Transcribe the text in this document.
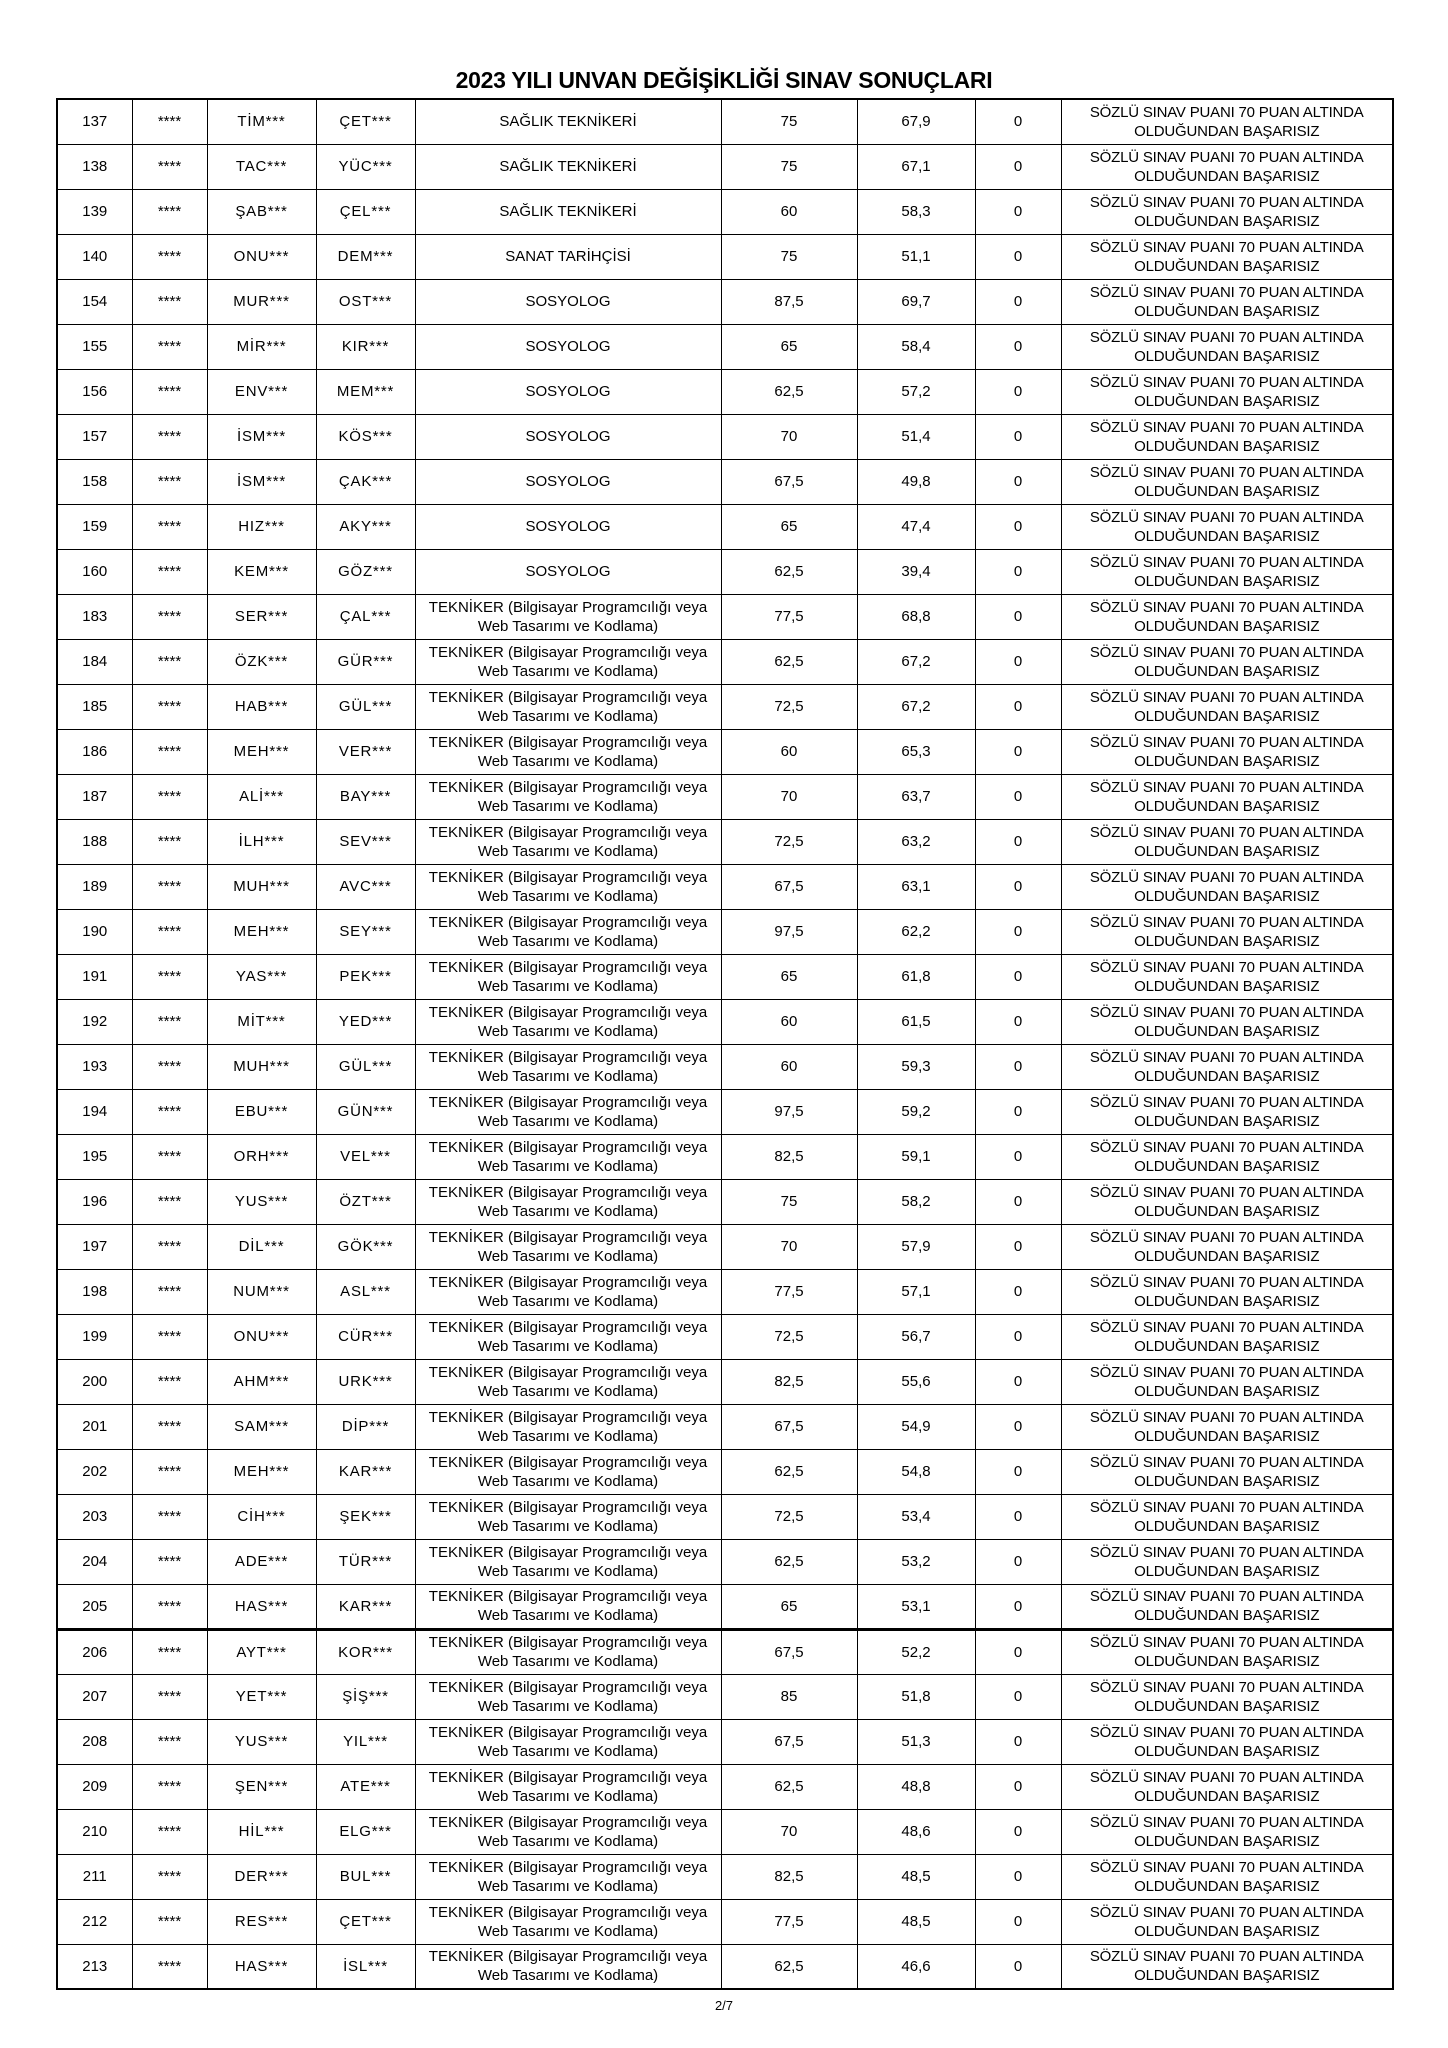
2023 YILI UNVAN DEĞİŞİKLİĞİ SINAV SONUÇLARI
137	****	TİM***	ÇET***	SAĞLIK TEKNİKERİ	75	67,9	0	SÖZLÜ SINAV PUANI 70 PUAN ALTINDA
OLDUĞUNDAN BAŞARISIZ

138	****	TAC***	YÜC***	SAĞLIK TEKNİKERİ	75	67,1	0	SÖZLÜ SINAV PUANI 70 PUAN ALTINDA
OLDUĞUNDAN BAŞARISIZ

139	****	ŞAB***	ÇEL***	SAĞLIK TEKNİKERİ	60	58,3	0	SÖZLÜ SINAV PUANI 70 PUAN ALTINDA
OLDUĞUNDAN BAŞARISIZ

140	****	ONU***	DEM***	SANAT TARİHÇİSİ	75	51,1	0	SÖZLÜ SINAV PUANI 70 PUAN ALTINDA
OLDUĞUNDAN BAŞARISIZ

154	****	MUR***	OST***	SOSYOLOG	87,5	69,7	0	SÖZLÜ SINAV PUANI 70 PUAN ALTINDA
OLDUĞUNDAN BAŞARISIZ

155	****	MİR***	KIR***	SOSYOLOG	65	58,4	0	SÖZLÜ SINAV PUANI 70 PUAN ALTINDA
OLDUĞUNDAN BAŞARISIZ

156	****	ENV***	MEM***	SOSYOLOG	62,5	57,2	0	SÖZLÜ SINAV PUANI 70 PUAN ALTINDA
OLDUĞUNDAN BAŞARISIZ

157	****	İSM***	KÖS***	SOSYOLOG	70	51,4	0	SÖZLÜ SINAV PUANI 70 PUAN ALTINDA
OLDUĞUNDAN BAŞARISIZ

158	****	İSM***	ÇAK***	SOSYOLOG	67,5	49,8	0	SÖZLÜ SINAV PUANI 70 PUAN ALTINDA
OLDUĞUNDAN BAŞARISIZ

159	****	HIZ***	AKY***	SOSYOLOG	65	47,4	0	SÖZLÜ SINAV PUANI 70 PUAN ALTINDA
OLDUĞUNDAN BAŞARISIZ

160	****	KEM***	GÖZ***	SOSYOLOG	62,5	39,4	0	SÖZLÜ SINAV PUANI 70 PUAN ALTINDA
OLDUĞUNDAN BAŞARISIZ

183	****	SER***	ÇAL***	TEKNİKER (Bilgisayar Programcılığı veya
Web Tasarımı ve Kodlama)	77,5	68,8	0	SÖZLÜ SINAV PUANI 70 PUAN ALTINDA
OLDUĞUNDAN BAŞARISIZ

184	****	ÖZK***	GÜR***	TEKNİKER (Bilgisayar Programcılığı veya
Web Tasarımı ve Kodlama)	62,5	67,2	0	SÖZLÜ SINAV PUANI 70 PUAN ALTINDA
OLDUĞUNDAN BAŞARISIZ

185	****	HAB***	GÜL***	TEKNİKER (Bilgisayar Programcılığı veya
Web Tasarımı ve Kodlama)	72,5	67,2	0	SÖZLÜ SINAV PUANI 70 PUAN ALTINDA
OLDUĞUNDAN BAŞARISIZ

186	****	MEH***	VER***	TEKNİKER (Bilgisayar Programcılığı veya
Web Tasarımı ve Kodlama)	60	65,3	0	SÖZLÜ SINAV PUANI 70 PUAN ALTINDA
OLDUĞUNDAN BAŞARISIZ

187	****	ALİ***	BAY***	TEKNİKER (Bilgisayar Programcılığı veya
Web Tasarımı ve Kodlama)	70	63,7	0	SÖZLÜ SINAV PUANI 70 PUAN ALTINDA
OLDUĞUNDAN BAŞARISIZ

188	****	İLH***	SEV***	TEKNİKER (Bilgisayar Programcılığı veya
Web Tasarımı ve Kodlama)	72,5	63,2	0	SÖZLÜ SINAV PUANI 70 PUAN ALTINDA
OLDUĞUNDAN BAŞARISIZ

189	****	MUH***	AVC***	TEKNİKER (Bilgisayar Programcılığı veya
Web Tasarımı ve Kodlama)	67,5	63,1	0	SÖZLÜ SINAV PUANI 70 PUAN ALTINDA
OLDUĞUNDAN BAŞARISIZ

190	****	MEH***	SEY***	TEKNİKER (Bilgisayar Programcılığı veya
Web Tasarımı ve Kodlama)	97,5	62,2	0	SÖZLÜ SINAV PUANI 70 PUAN ALTINDA
OLDUĞUNDAN BAŞARISIZ

191	****	YAS***	PEK***	TEKNİKER (Bilgisayar Programcılığı veya
Web Tasarımı ve Kodlama)	65	61,8	0	SÖZLÜ SINAV PUANI 70 PUAN ALTINDA
OLDUĞUNDAN BAŞARISIZ

192	****	MİT***	YED***	TEKNİKER (Bilgisayar Programcılığı veya
Web Tasarımı ve Kodlama)	60	61,5	0	SÖZLÜ SINAV PUANI 70 PUAN ALTINDA
OLDUĞUNDAN BAŞARISIZ

193	****	MUH***	GÜL***	TEKNİKER (Bilgisayar Programcılığı veya
Web Tasarımı ve Kodlama)	60	59,3	0	SÖZLÜ SINAV PUANI 70 PUAN ALTINDA
OLDUĞUNDAN BAŞARISIZ

194	****	EBU***	GÜN***	TEKNİKER (Bilgisayar Programcılığı veya
Web Tasarımı ve Kodlama)	97,5	59,2	0	SÖZLÜ SINAV PUANI 70 PUAN ALTINDA
OLDUĞUNDAN BAŞARISIZ

195	****	ORH***	VEL***	TEKNİKER (Bilgisayar Programcılığı veya
Web Tasarımı ve Kodlama)	82,5	59,1	0	SÖZLÜ SINAV PUANI 70 PUAN ALTINDA
OLDUĞUNDAN BAŞARISIZ

196	****	YUS***	ÖZT***	TEKNİKER (Bilgisayar Programcılığı veya
Web Tasarımı ve Kodlama)	75	58,2	0	SÖZLÜ SINAV PUANI 70 PUAN ALTINDA
OLDUĞUNDAN BAŞARISIZ

197	****	DİL***	GÖK***	TEKNİKER (Bilgisayar Programcılığı veya
Web Tasarımı ve Kodlama)	70	57,9	0	SÖZLÜ SINAV PUANI 70 PUAN ALTINDA
OLDUĞUNDAN BAŞARISIZ

198	****	NUM***	ASL***	TEKNİKER (Bilgisayar Programcılığı veya
Web Tasarımı ve Kodlama)	77,5	57,1	0	SÖZLÜ SINAV PUANI 70 PUAN ALTINDA
OLDUĞUNDAN BAŞARISIZ

199	****	ONU***	CÜR***	TEKNİKER (Bilgisayar Programcılığı veya
Web Tasarımı ve Kodlama)	72,5	56,7	0	SÖZLÜ SINAV PUANI 70 PUAN ALTINDA
OLDUĞUNDAN BAŞARISIZ

200	****	AHM***	URK***	TEKNİKER (Bilgisayar Programcılığı veya
Web Tasarımı ve Kodlama)	82,5	55,6	0	SÖZLÜ SINAV PUANI 70 PUAN ALTINDA
OLDUĞUNDAN BAŞARISIZ

201	****	SAM***	DİP***	TEKNİKER (Bilgisayar Programcılığı veya
Web Tasarımı ve Kodlama)	67,5	54,9	0	SÖZLÜ SINAV PUANI 70 PUAN ALTINDA
OLDUĞUNDAN BAŞARISIZ

202	****	MEH***	KAR***	TEKNİKER (Bilgisayar Programcılığı veya
Web Tasarımı ve Kodlama)	62,5	54,8	0	SÖZLÜ SINAV PUANI 70 PUAN ALTINDA
OLDUĞUNDAN BAŞARISIZ

203	****	CİH***	ŞEK***	TEKNİKER (Bilgisayar Programcılığı veya
Web Tasarımı ve Kodlama)	72,5	53,4	0	SÖZLÜ SINAV PUANI 70 PUAN ALTINDA
OLDUĞUNDAN BAŞARISIZ

204	****	ADE***	TÜR***	TEKNİKER (Bilgisayar Programcılığı veya
Web Tasarımı ve Kodlama)	62,5	53,2	0	SÖZLÜ SINAV PUANI 70 PUAN ALTINDA
OLDUĞUNDAN BAŞARISIZ

205	****	HAS***	KAR***	TEKNİKER (Bilgisayar Programcılığı veya
Web Tasarımı ve Kodlama)	65	53,1	0	SÖZLÜ SINAV PUANI 70 PUAN ALTINDA
OLDUĞUNDAN BAŞARISIZ

206	****	AYT***	KOR***	TEKNİKER (Bilgisayar Programcılığı veya
Web Tasarımı ve Kodlama)	67,5	52,2	0	SÖZLÜ SINAV PUANI 70 PUAN ALTINDA
OLDUĞUNDAN BAŞARISIZ

207	****	YET***	ŞİŞ***	TEKNİKER (Bilgisayar Programcılığı veya
Web Tasarımı ve Kodlama)	85	51,8	0	SÖZLÜ SINAV PUANI 70 PUAN ALTINDA
OLDUĞUNDAN BAŞARISIZ

208	****	YUS***	YIL***	TEKNİKER (Bilgisayar Programcılığı veya
Web Tasarımı ve Kodlama)	67,5	51,3	0	SÖZLÜ SINAV PUANI 70 PUAN ALTINDA
OLDUĞUNDAN BAŞARISIZ

209	****	ŞEN***	ATE***	TEKNİKER (Bilgisayar Programcılığı veya
Web Tasarımı ve Kodlama)	62,5	48,8	0	SÖZLÜ SINAV PUANI 70 PUAN ALTINDA
OLDUĞUNDAN BAŞARISIZ

210	****	HİL***	ELG***	TEKNİKER (Bilgisayar Programcılığı veya
Web Tasarımı ve Kodlama)	70	48,6	0	SÖZLÜ SINAV PUANI 70 PUAN ALTINDA
OLDUĞUNDAN BAŞARISIZ

211	****	DER***	BUL***	TEKNİKER (Bilgisayar Programcılığı veya
Web Tasarımı ve Kodlama)	82,5	48,5	0	SÖZLÜ SINAV PUANI 70 PUAN ALTINDA
OLDUĞUNDAN BAŞARISIZ

212	****	RES***	ÇET***	TEKNİKER (Bilgisayar Programcılığı veya
Web Tasarımı ve Kodlama)	77,5	48,5	0	SÖZLÜ SINAV PUANI 70 PUAN ALTINDA
OLDUĞUNDAN BAŞARISIZ

213	****	HAS***	İSL***	TEKNİKER (Bilgisayar Programcılığı veya
Web Tasarımı ve Kodlama)	62,5	46,6	0	SÖZLÜ SINAV PUANI 70 PUAN ALTINDA
OLDUĞUNDAN BAŞARISIZ
2/7
